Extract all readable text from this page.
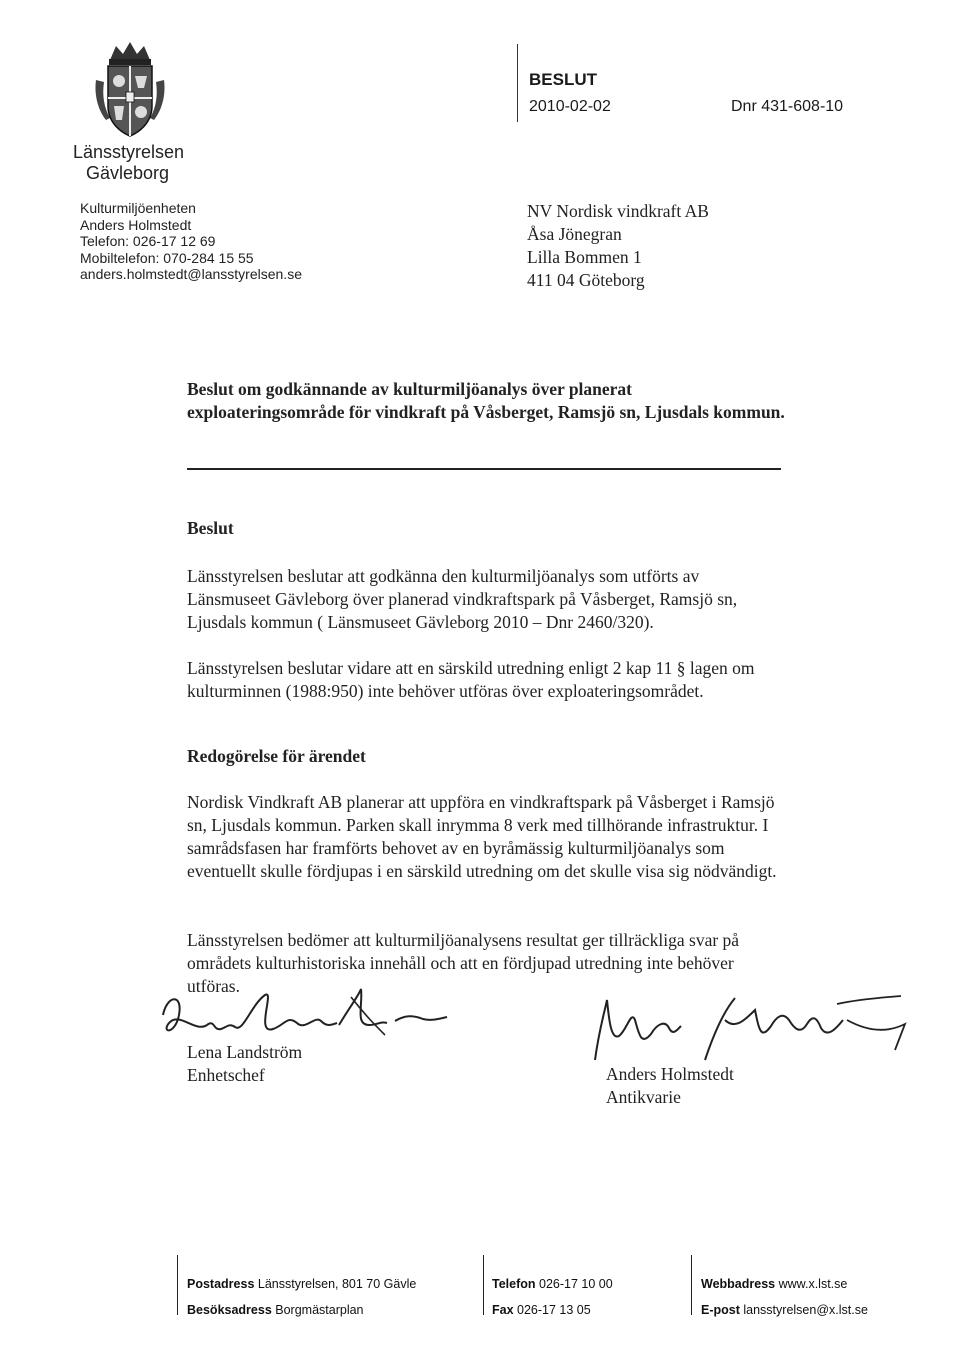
Länsstyrelsen
Gävleborg
Kulturmiljöenheten
Anders Holmstedt
Telefon: 026-17 12 69
Mobiltelefon: 070-284 15 55
anders.holmstedt@lansstyrelsen.se
BESLUT
2010-02-02	Dnr 431-608-10
NV Nordisk vindkraft AB
Åsa Jönegran
Lilla Bommen 1
411 04 Göteborg
Beslut om godkännande av kulturmiljöanalys över planerat exploateringsområde för vindkraft på Våsberget, Ramsjö sn, Ljusdals kommun.
Beslut
Länsstyrelsen beslutar att godkänna den kulturmiljöanalys som utförts av Länsmuseet Gävleborg över planerad vindkraftspark på Våsberget, Ramsjö sn, Ljusdals kommun ( Länsmuseet Gävleborg 2010 – Dnr 2460/320).
Länsstyrelsen beslutar vidare att en särskild utredning enligt 2 kap 11 § lagen om kulturminnen (1988:950) inte behöver utföras över exploateringsområdet.
Redogörelse för ärendet
Nordisk Vindkraft AB planerar att uppföra en vindkraftspark på Våsberget i Ramsjö sn, Ljusdals kommun. Parken skall inrymma 8 verk med tillhörande infrastruktur. I samrådsfasen har framförts behovet av en byråmässig kulturmiljöanalys som eventuellt skulle fördjupas i en särskild utredning om det skulle visa sig nödvändigt.
Länsstyrelsen bedömer att kulturmiljöanalysens resultat ger tillräckliga svar på områdets kulturhistoriska innehåll och att en fördjupad utredning inte behöver utföras.
Lena Landström
Enhetschef	Anders Holmstedt
Antikvarie
Postadress Länsstyrelsen, 801 70 Gävle
Besöksadress Borgmästarplan
Telefon 026-17 10 00
Fax 026-17 13 05
Webbadress www.x.lst.se
E-post lansstyrelsen@x.lst.se
